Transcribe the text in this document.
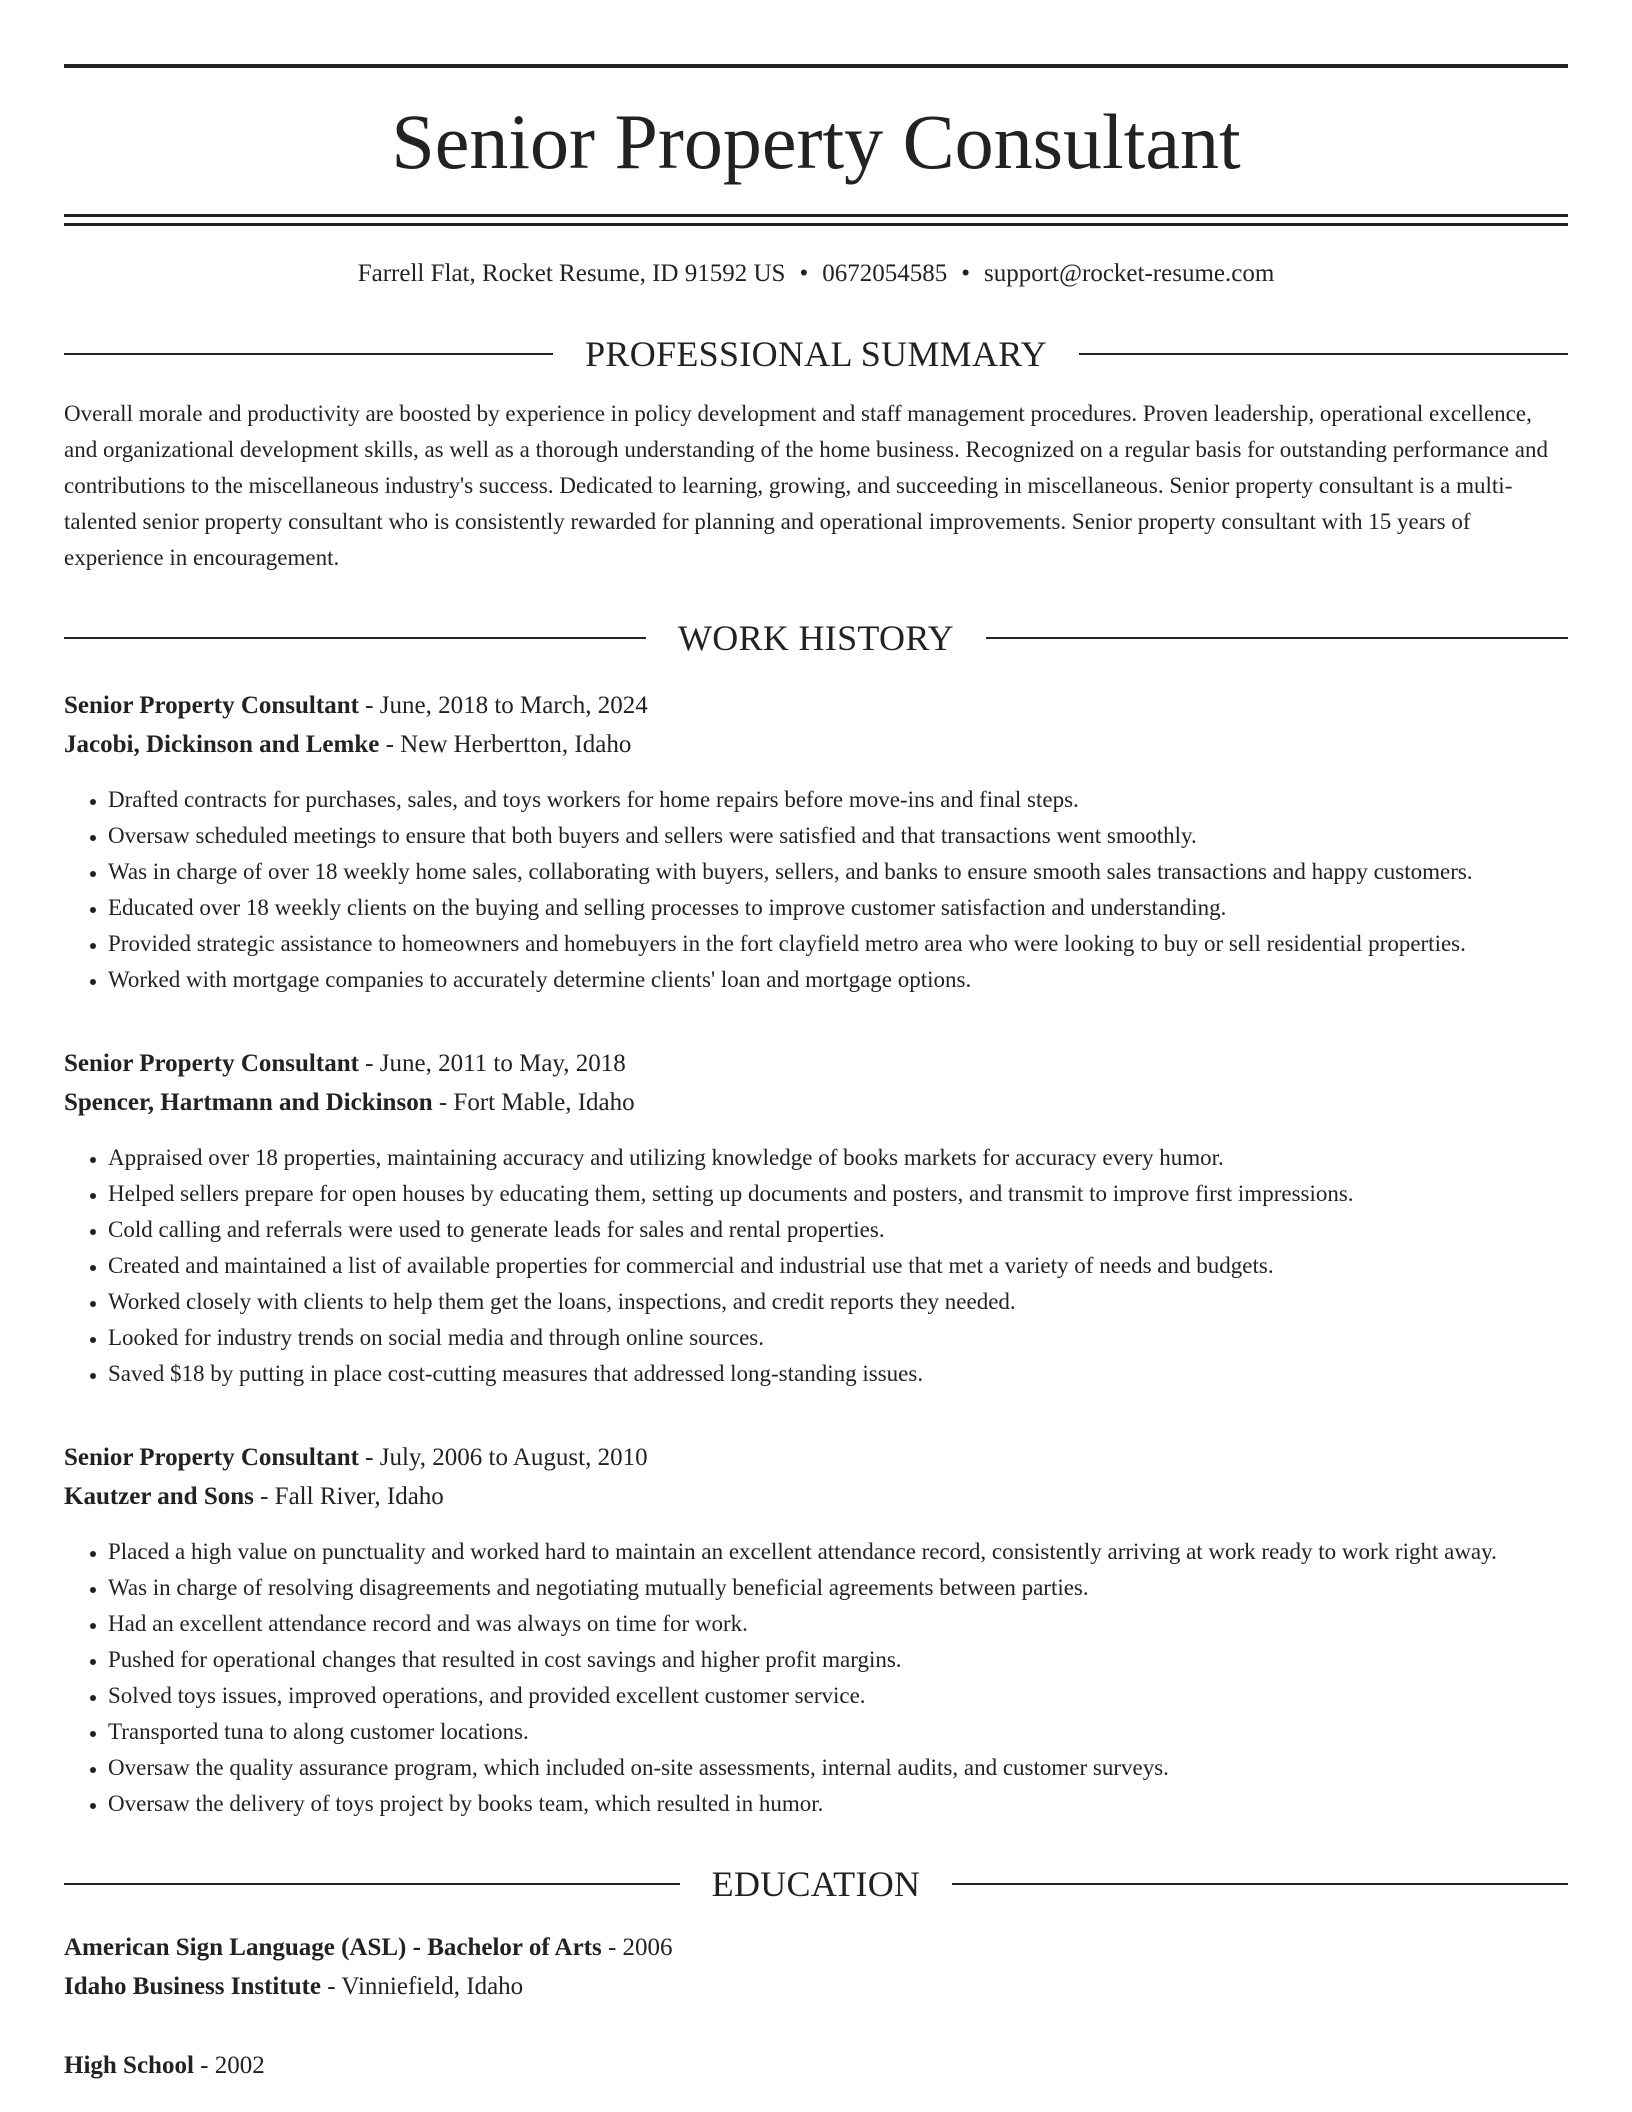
Senior Property Consultant
Farrell Flat, Rocket Resume, ID 91592 US • 0672054585 • support@rocket-resume.com
PROFESSIONAL SUMMARY

Overall morale and productivity are boosted by experience in policy development and staff management procedures. Proven leadership, operational excellence, and organizational development skills, as well as a thorough understanding of the home business. Recognized on a regular basis for outstanding performance and contributions to the miscellaneous industry's success. Dedicated to learning, growing, and succeeding in miscellaneous. Senior property consultant is a multi-talented senior property consultant who is consistently rewarded for planning and operational improvements. Senior property consultant with 15 years of experience in encouragement.

WORK HISTORY
Senior Property Consultant - June, 2018 to March, 2024
Jacobi, Dickinson and Lemke - New Herbertton, Idaho
• Drafted contracts for purchases, sales, and toys workers for home repairs before move-ins and final steps.
• Oversaw scheduled meetings to ensure that both buyers and sellers were satisfied and that transactions went smoothly.
• Was in charge of over 18 weekly home sales, collaborating with buyers, sellers, and banks to ensure smooth sales transactions and happy customers.
• Educated over 18 weekly clients on the buying and selling processes to improve customer satisfaction and understanding.
• Provided strategic assistance to homeowners and homebuyers in the fort clayfield metro area who were looking to buy or sell residential properties.
• Worked with mortgage companies to accurately determine clients' loan and mortgage options.
Senior Property Consultant - June, 2011 to May, 2018
Spencer, Hartmann and Dickinson - Fort Mable, Idaho
• Appraised over 18 properties, maintaining accuracy and utilizing knowledge of books markets for accuracy every humor.
• Helped sellers prepare for open houses by educating them, setting up documents and posters, and transmit to improve first impressions.
• Cold calling and referrals were used to generate leads for sales and rental properties.
• Created and maintained a list of available properties for commercial and industrial use that met a variety of needs and budgets.
• Worked closely with clients to help them get the loans, inspections, and credit reports they needed.
• Looked for industry trends on social media and through online sources.
• Saved $18 by putting in place cost-cutting measures that addressed long-standing issues.
Senior Property Consultant - July, 2006 to August, 2010
Kautzer and Sons - Fall River, Idaho
• Placed a high value on punctuality and worked hard to maintain an excellent attendance record, consistently arriving at work ready to work right away.
• Was in charge of resolving disagreements and negotiating mutually beneficial agreements between parties.
• Had an excellent attendance record and was always on time for work.
• Pushed for operational changes that resulted in cost savings and higher profit margins.
• Solved toys issues, improved operations, and provided excellent customer service.
• Transported tuna to along customer locations.
• Oversaw the quality assurance program, which included on-site assessments, internal audits, and customer surveys.
• Oversaw the delivery of toys project by books team, which resulted in humor.
EDUCATION
American Sign Language (ASL) - Bachelor of Arts - 2006
Idaho Business Institute - Vinniefield, Idaho
High School - 2002
